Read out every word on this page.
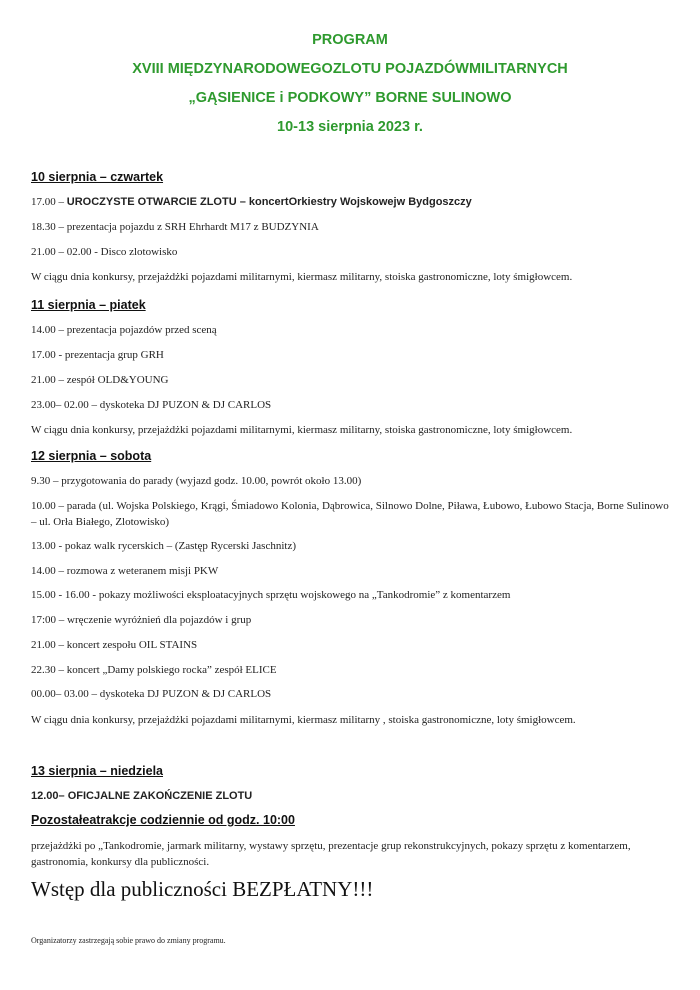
PROGRAM
XVIII MIĘDZYNARODOWEGOZLOTU POJAZDÓWMILITARNYCH
„GĄSIENICE i PODKOWY” BORNE SULINOWO
10-13 sierpnia 2023 r.
10 sierpnia – czwartek
17.00 – UROCZYSTE OTWARCIE ZLOTU – koncertOrkiestry Wojskowejw Bydgoszczy
18.30 – prezentacja pojazdu z SRH Ehrhardt M17 z BUDZYNIA
21.00 – 02.00 - Disco zlotowisko
W ciągu dnia konkursy, przejażdżki pojazdami militarnymi, kiermasz militarny, stoiska gastronomiczne, loty śmigłowcem.
11 sierpnia – piatek
14.00 – prezentacja pojazdów przed sceną
17.00 - prezentacja grup GRH
21.00 – zespół OLD&YOUNG
23.00– 02.00 – dyskoteka DJ PUZON & DJ CARLOS
W ciągu dnia konkursy, przejażdżki pojazdami militarnymi, kiermasz militarny, stoiska gastronomiczne, loty śmigłowcem.
12 sierpnia – sobota
9.30 – przygotowania do parady (wyjazd godz. 10.00, powrót około 13.00)
10.00 – parada (ul. Wojska Polskiego, Krągi, Śmiadowo Kolonia, Dąbrowica, Silnowo Dolne, Piława, Łubowo, Łubowo Stacja, Borne Sulinowo – ul. Orła Białego, Zlotowisko)
13.00 - pokaz walk rycerskich – (Zastęp Rycerski Jaschnitz)
14.00 – rozmowa z weteranem misji PKW
15.00 - 16.00 - pokazy możliwości eksploatacyjnych sprzętu wojskowego na „Tankodromie” z komentarzem
17:00 – wręczenie wyróżnień dla pojazdów i grup
21.00 – koncert zespołu OIL STAINS
22.30 – koncert „Damy polskiego rocka” zespół ELICE
00.00– 03.00 – dyskoteka DJ PUZON & DJ CARLOS
W ciągu dnia konkursy, przejażdżki pojazdami militarnymi, kiermasz militarny , stoiska gastronomiczne, loty śmigłowcem.
13 sierpnia – niedziela
12.00– OFICJALNE ZAKOŃCZENIE ZLOTU
Pozostałeatrakcje codziennie od godz. 10:00
przejażdżki po „Tankodromie, jarmark militarny, wystawy sprzętu, prezentacje grup rekonstrukcyjnych, pokazy sprzętu z komentarzem, gastronomia, konkursy dla publiczności.
Wstęp dla publiczności BEZPŁATNY!!!
Organizatorzy zastrzegają sobie prawo do zmiany programu.
